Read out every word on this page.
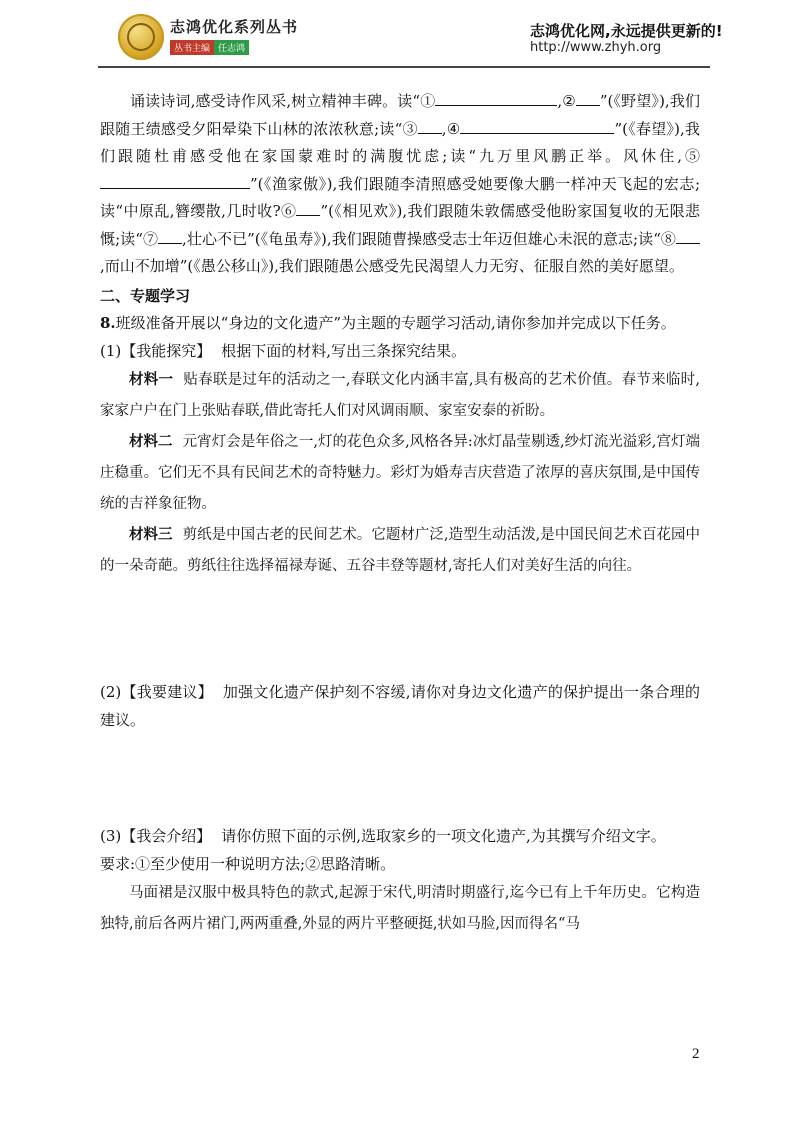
志鸿优化系列丛书
丛书主编 任志鸿
志鸿优化网,永远提供更新的!
http://www.zhyh.org

诵读诗词,感受诗作风采,树立精神丰碑。读“①	,② ”(《野望》),我们跟随王绩感受夕阳晕染下山林的浓浓秋意;读“③ ,④	”(《春望》),我们跟随杜甫感受他在家国蒙难时的满腹忧虑;读“九万里风鹏正举。风休住,⑤”(《渔家傲》),我们跟随李清照感受她要像大鹏一样冲天飞起的宏志;读“中原乱,簪缨散,几时收?⑥ ”(《相见欢》),我们跟随朱敦儒感受他盼家国复收的无限悲慨;读“⑦ ,壮心不已”(《龟虽寿》),我们跟随曹操感受志士年迈但雄心未泯的意志;读“⑧,而山不加增”(《愚公移山》),我们跟随愚公感受先民渴望人力无穷、征服自然的美好愿望。

二、专题学习

8.班级准备开展以“身边的文化遗产”为主题的专题学习活动,请你参加并完成以下任务。

(1)【我能探究】 根据下面的材料,写出三条探究结果。

材料一 贴春联是过年的活动之一,春联文化内涵丰富,具有极高的艺术价值。春节来临时,家家户户在门上张贴春联,借此寄托人们对风调雨顺、家室安泰的祈盼。

材料二 元宵灯会是年俗之一,灯的花色众多,风格各异:冰灯晶莹剔透,纱灯流光溢彩,宫灯端庄稳重。它们无不具有民间艺术的奇特魅力。彩灯为婚寿吉庆营造了浓厚的喜庆氛围,是中国传统的吉祥象征物。

材料三 剪纸是中国古老的民间艺术。它题材广泛,造型生动活泼,是中国民间艺术百花园中的一朵奇葩。剪纸往往选择福禄寿诞、五谷丰登等题材,寄托人们对美好生活的向往。

(2)【我要建议】 加强文化遗产保护刻不容缓,请你对身边文化遗产的保护提出一条合理的建议。

(3)【我会介绍】 请你仿照下面的示例,选取家乡的一项文化遗产,为其撰写介绍文字。

要求:①至少使用一种说明方法;②思路清晰。

马面裙是汉服中极具特色的款式,起源于宋代,明清时期盛行,迄今已有上千年历史。它构造独特,前后各两片裙门,两两重叠,外显的两片平整硬挺,状如马脸,因而得名“马

2
